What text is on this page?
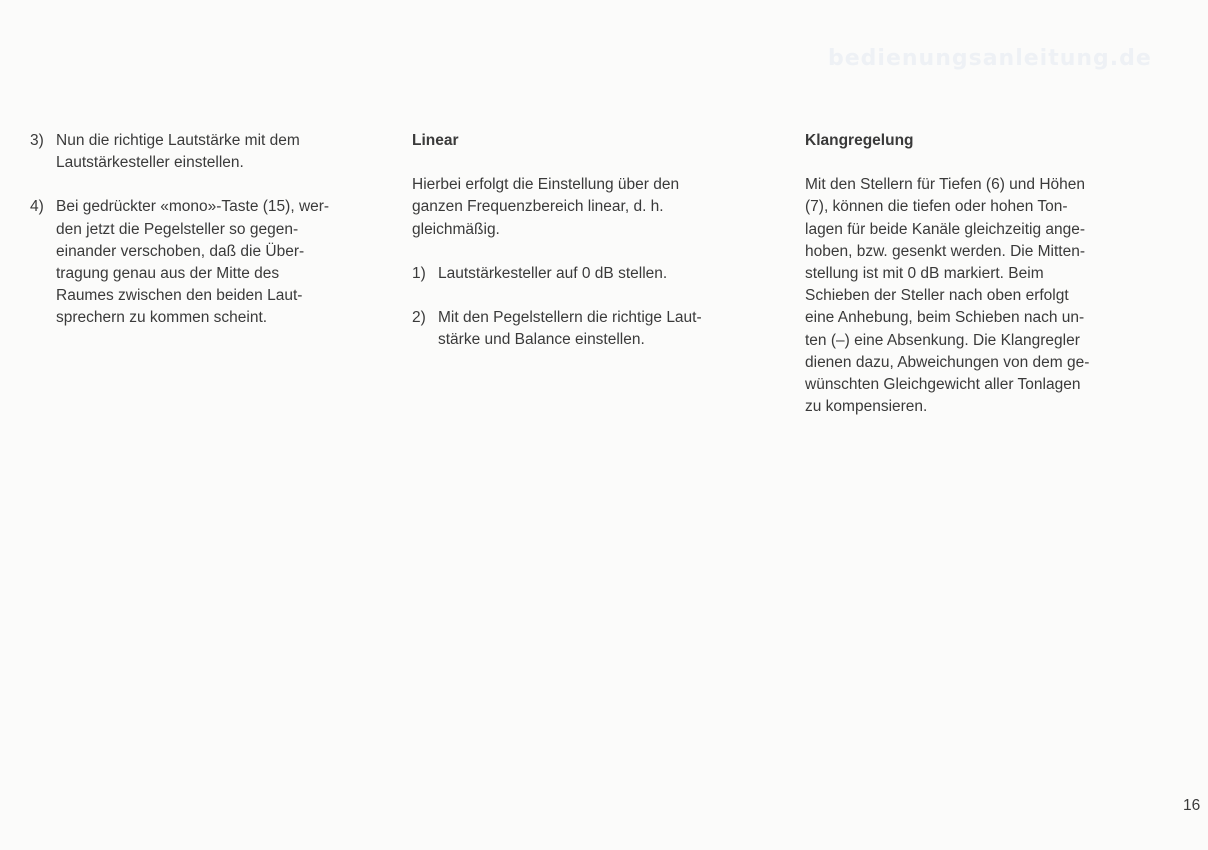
bedienungsanleitung.de
3) Nun die richtige Lautstärke mit dem
Lautstärkesteller einstellen.
4) Bei gedrückter «mono»-Taste (15), wer-
den jetzt die Pegelsteller so gegen-
einander verschoben, daß die Über-
tragung genau aus der Mitte des
Raumes zwischen den beiden Laut-
sprechern zu kommen scheint.
Linear
Hierbei erfolgt die Einstellung über den
ganzen Frequenzbereich linear, d. h.
gleichmäßig.
1) Lautstärkesteller auf 0 dB stellen.
2) Mit den Pegelstellern die richtige Laut-
stärke und Balance einstellen.
Klangregelung
Mit den Stellern für Tiefen (6) und Höhen
(7), können die tiefen oder hohen Ton-
lagen für beide Kanäle gleichzeitig ange-
hoben, bzw. gesenkt werden. Die Mitten-
stellung ist mit 0 dB markiert. Beim
Schieben der Steller nach oben erfolgt
eine Anhebung, beim Schieben nach un-
ten (–) eine Absenkung. Die Klangregler
dienen dazu, Abweichungen von dem ge-
wünschten Gleichgewicht aller Tonlagen
zu kompensieren.
16
